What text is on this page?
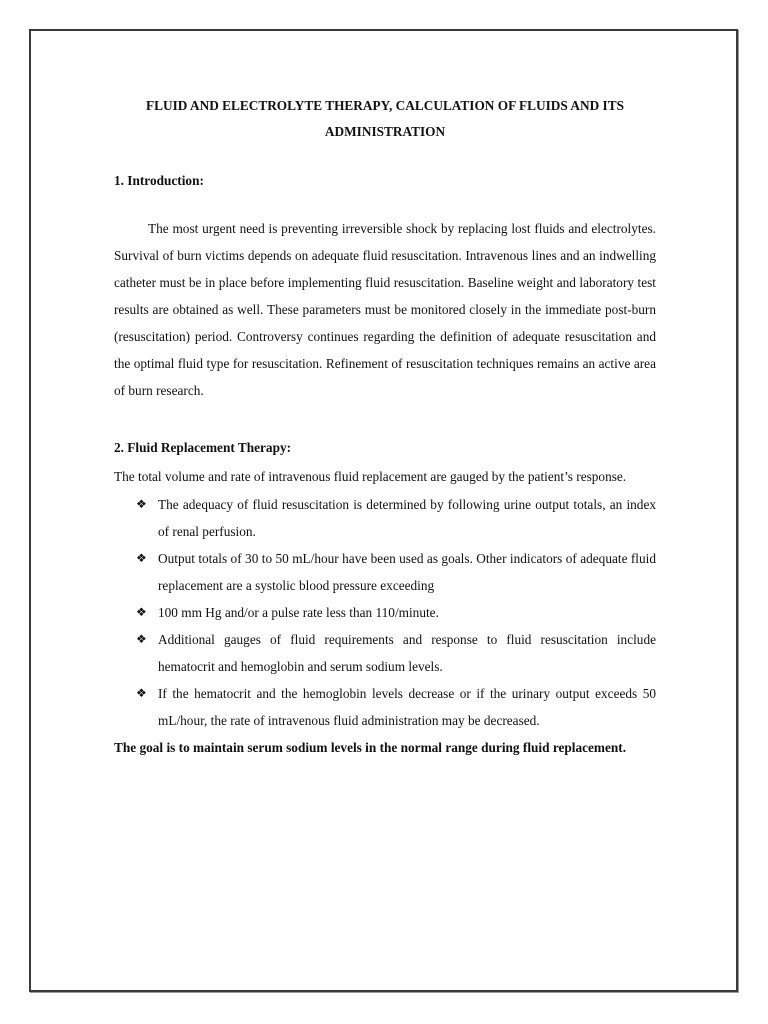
FLUID AND ELECTROLYTE THERAPY, CALCULATION OF FLUIDS AND ITS ADMINISTRATION

1. Introduction:

The most urgent need is preventing irreversible shock by replacing lost fluids and electrolytes. Survival of burn victims depends on adequate fluid resuscitation. Intravenous lines and an indwelling catheter must be in place before implementing fluid resuscitation. Baseline weight and laboratory test results are obtained as well. These parameters must be monitored closely in the immediate post-burn (resuscitation) period. Controversy continues regarding the definition of adequate resuscitation and the optimal fluid type for resuscitation. Refinement of resuscitation techniques remains an active area of burn research.

2. Fluid Replacement Therapy:

The total volume and rate of intravenous fluid replacement are gauged by the patient’s response.

❖ The adequacy of fluid resuscitation is determined by following urine output totals, an index of renal perfusion.
❖ Output totals of 30 to 50 mL/hour have been used as goals. Other indicators of adequate fluid replacement are a systolic blood pressure exceeding
❖ 100 mm Hg and/or a pulse rate less than 110/minute.
❖ Additional gauges of fluid requirements and response to fluid resuscitation include hematocrit and hemoglobin and serum sodium levels.
❖ If the hematocrit and the hemoglobin levels decrease or if the urinary output exceeds 50 mL/hour, the rate of intravenous fluid administration may be decreased.

The goal is to maintain serum sodium levels in the normal range during fluid replacement.
